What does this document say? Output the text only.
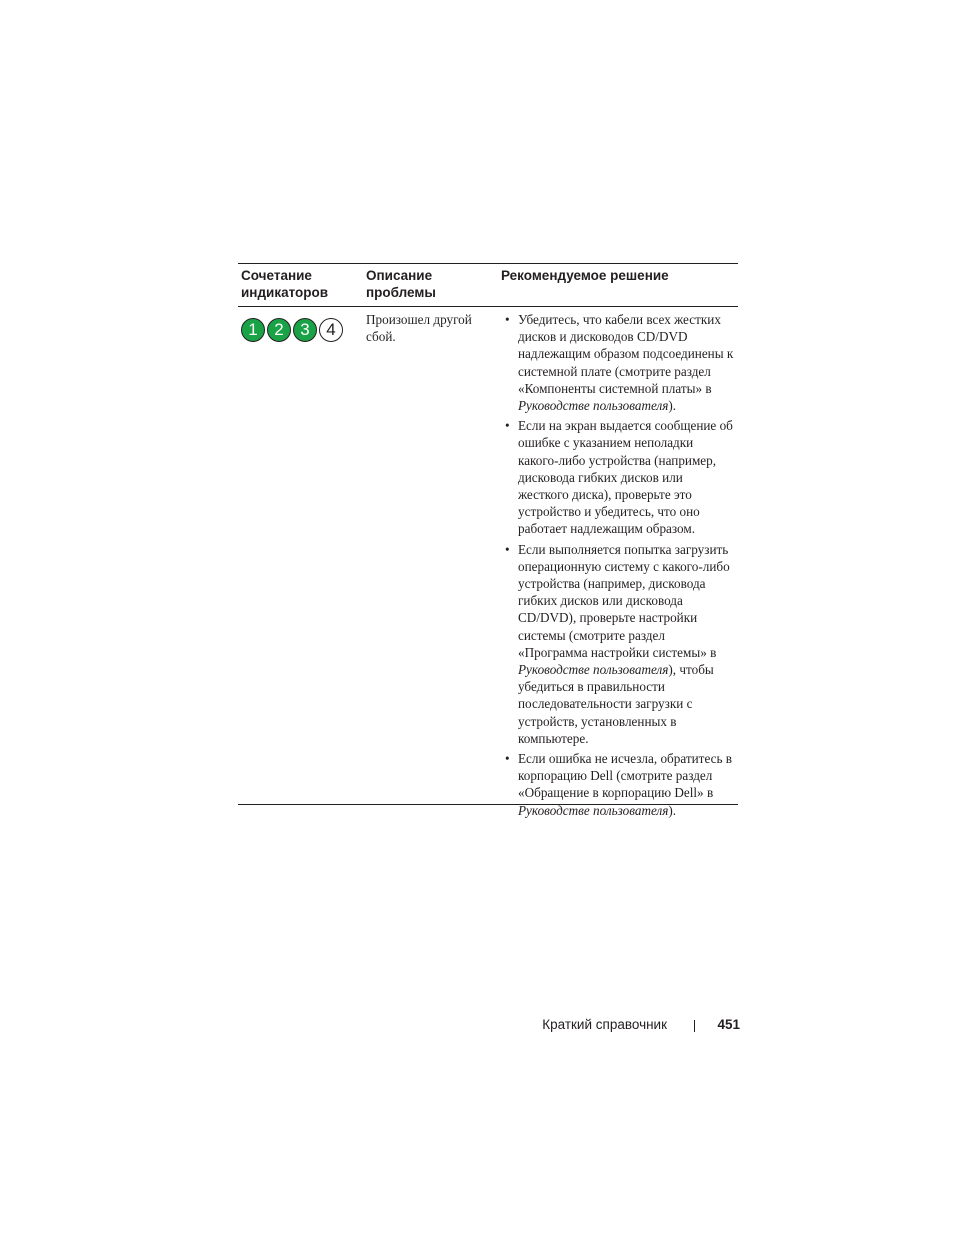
Сочетание индикаторов
Описание проблемы
Рекомендуемое решение
1 2 3 4
Произошел другой сбой.
• Убедитесь, что кабели всех жестких дисков и дисководов CD/DVD надлежащим образом подсоединены к системной плате (смотрите раздел «Компоненты системной платы» в Руководстве пользователя).
• Если на экран выдается сообщение об ошибке с указанием неполадки какого-либо устройства (например, дисковода гибких дисков или жесткого диска), проверьте это устройство и убедитесь, что оно работает надлежащим образом.
• Если выполняется попытка загрузить операционную систему с какого-либо устройства (например, дисковода гибких дисков или дисковода CD/DVD), проверьте настройки системы (смотрите раздел «Программа настройки системы» в Руководстве пользователя), чтобы убедиться в правильности последовательности загрузки с устройств, установленных в компьютере.
• Если ошибка не исчезла, обратитесь в корпорацию Dell (смотрите раздел «Обращение в корпорацию Dell» в Руководстве пользователя).
Краткий справочник	451
